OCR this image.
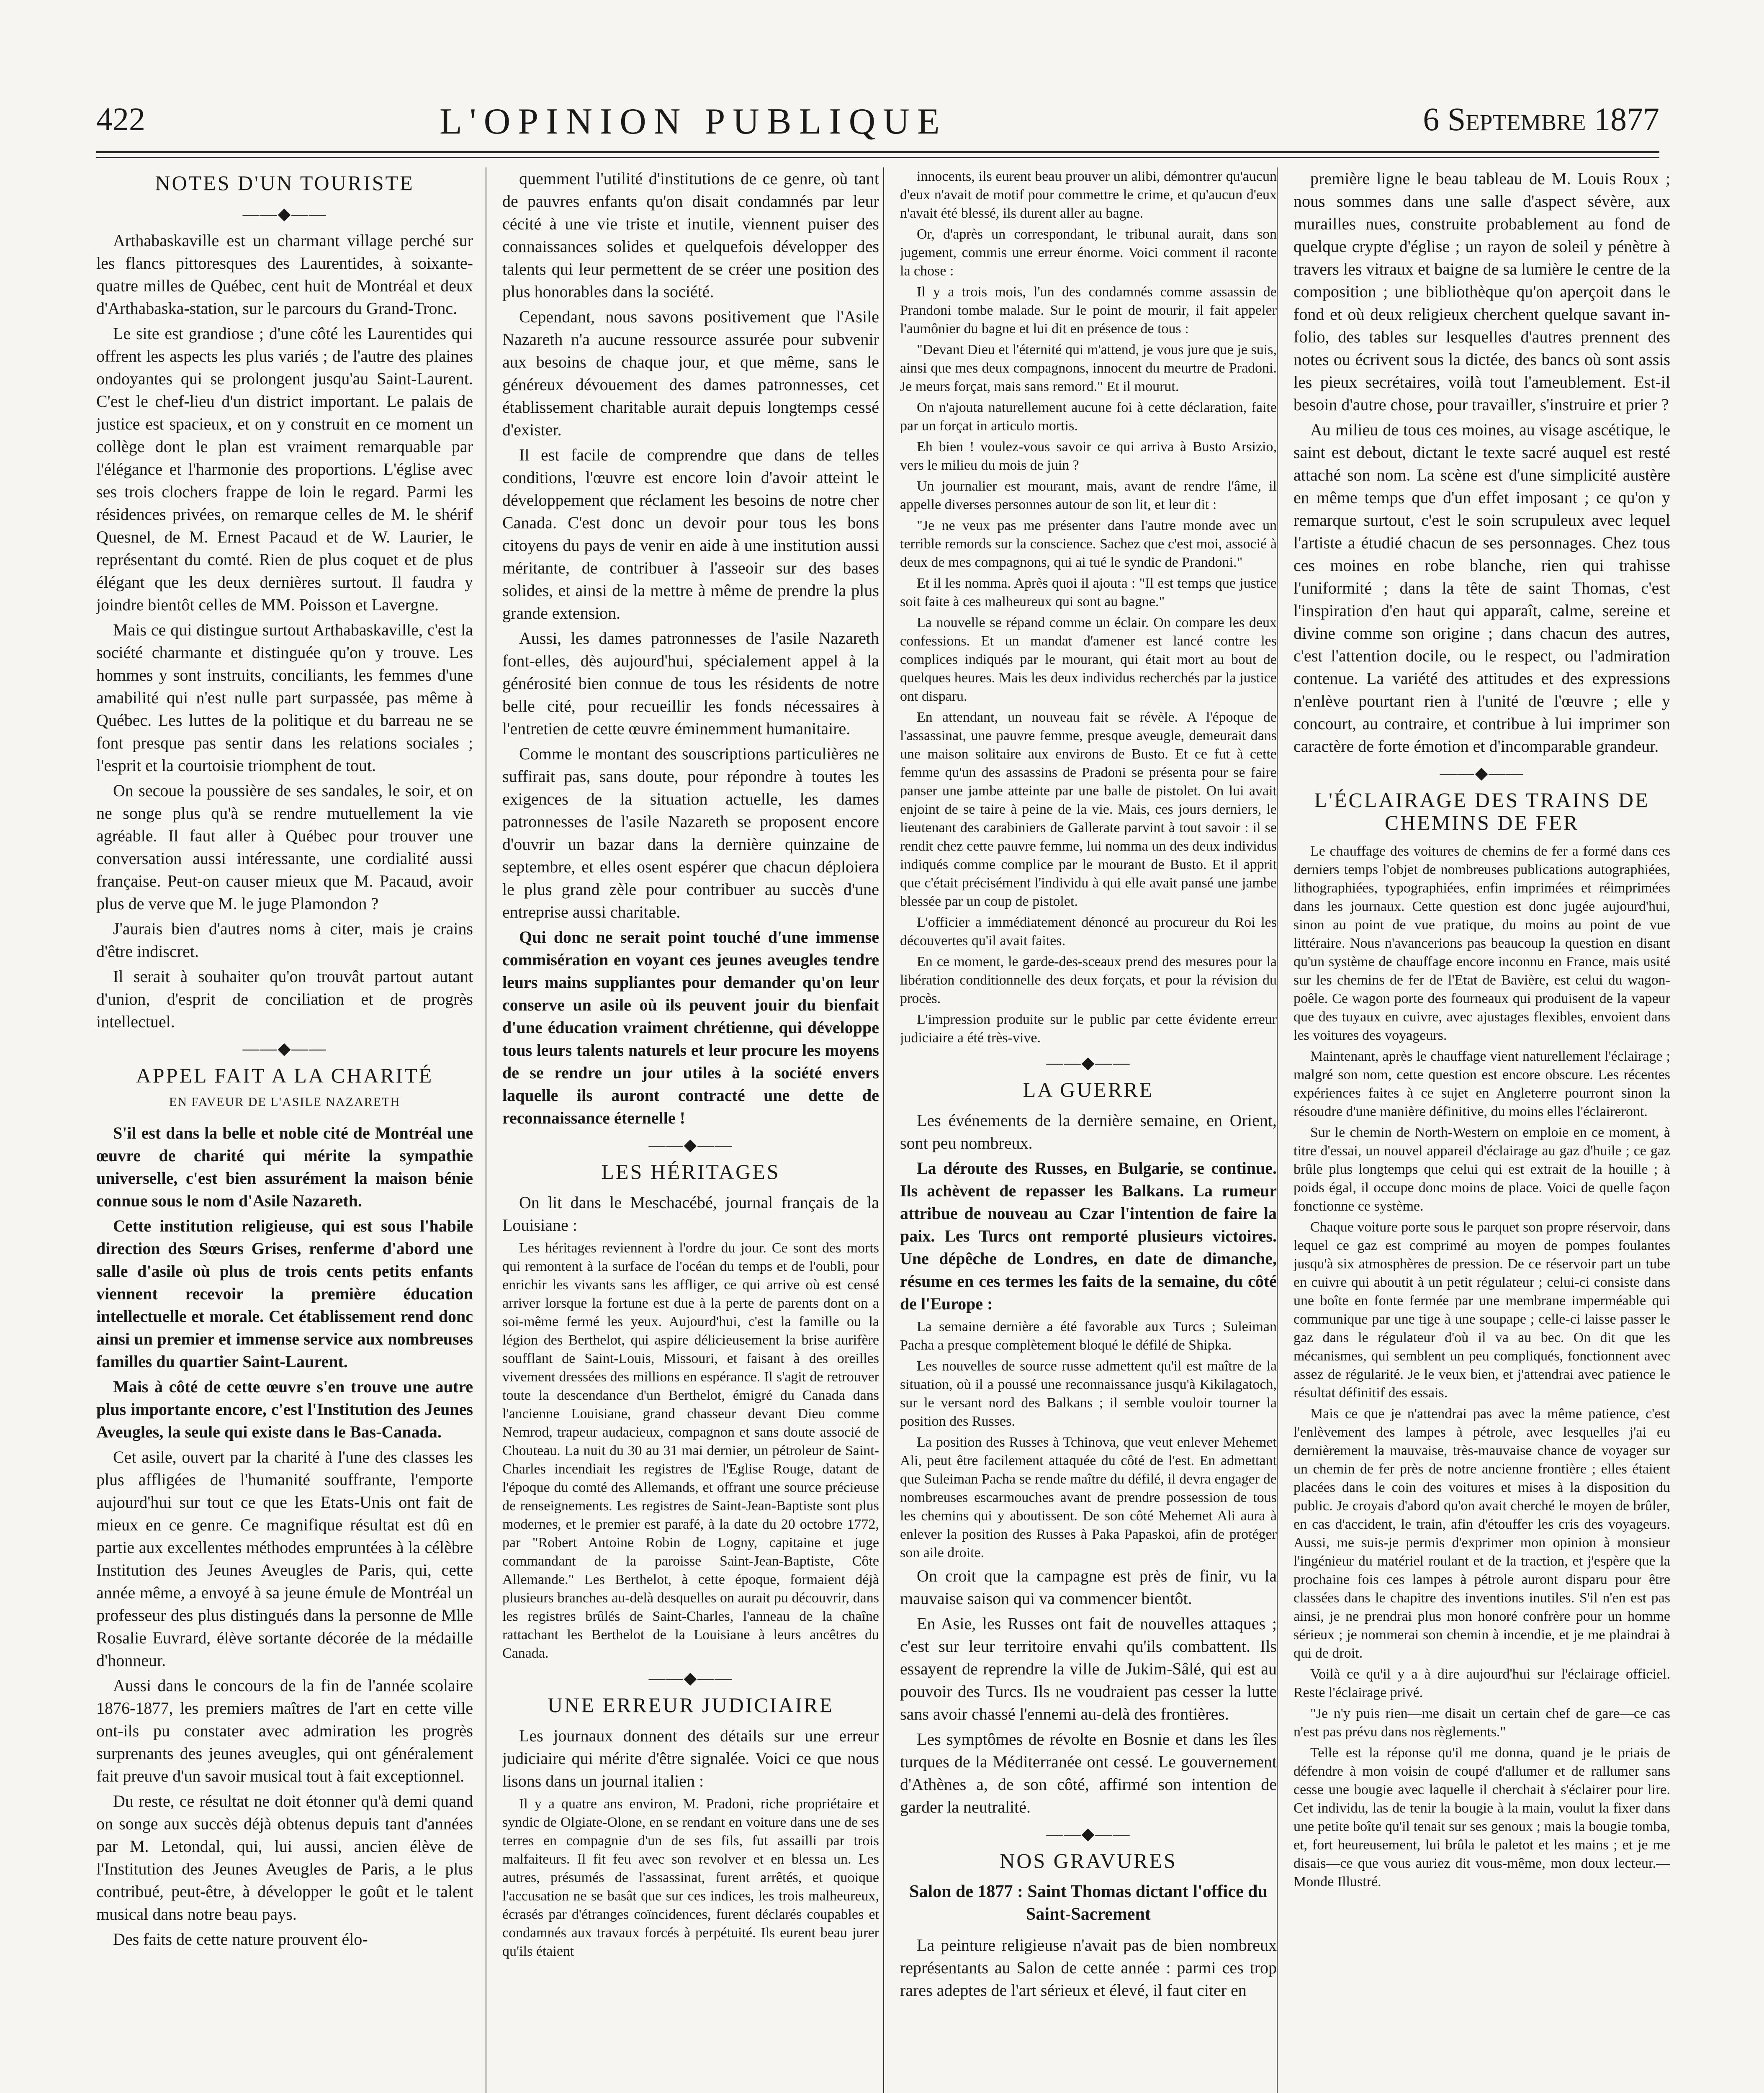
422	L'OPINION PUBLIQUE	6 Septembre 1877
NOTES D'UN TOURISTE
——◆——

Arthabaskaville est un charmant village perché sur les flancs pittoresques des Laurentides, à soixante-quatre milles de Québec, cent huit de Montréal et deux d'Arthabaska-station, sur le parcours du Grand-Tronc.

Le site est grandiose ; d'une côté les Laurentides qui offrent les aspects les plus variés ; de l'autre des plaines ondoyantes qui se prolongent jusqu'au Saint-Laurent. C'est le chef-lieu d'un district important. Le palais de justice est spacieux, et on y construit en ce moment un collège dont le plan est vraiment remarquable par l'élégance et l'harmonie des proportions. L'église avec ses trois clochers frappe de loin le regard. Parmi les résidences privées, on remarque celles de M. le shérif Quesnel, de M. Ernest Pacaud et de W. Laurier, le représentant du comté. Rien de plus coquet et de plus élégant que les deux dernières surtout. Il faudra y joindre bientôt celles de MM. Poisson et Lavergne.

Mais ce qui distingue surtout Arthabaskaville, c'est la société charmante et distinguée qu'on y trouve. Les hommes y sont instruits, conciliants, les femmes d'une amabilité qui n'est nulle part surpassée, pas même à Québec. Les luttes de la politique et du barreau ne se font presque pas sentir dans les relations sociales ; l'esprit et la courtoisie triomphent de tout.

On secoue la poussière de ses sandales, le soir, et on ne songe plus qu'à se rendre mutuellement la vie agréable. Il faut aller à Québec pour trouver une conversation aussi intéressante, une cordialité aussi française. Peut-on causer mieux que M. Pacaud, avoir plus de verve que M. le juge Plamondon ?

J'aurais bien d'autres noms à citer, mais je crains d'être indiscret.

Il serait à souhaiter qu'on trouvât partout autant d'union, d'esprit de conciliation et de progrès intellectuel.

——◆——
APPEL FAIT A LA CHARITÉ
EN FAVEUR DE L'ASILE NAZARETH

S'il est dans la belle et noble cité de Montréal une œuvre de charité qui mérite la sympathie universelle, c'est bien assurément la maison bénie connue sous le nom d'Asile Nazareth.

Cette institution religieuse, qui est sous l'habile direction des Sœurs Grises, renferme d'abord une salle d'asile où plus de trois cents petits enfants viennent recevoir la première éducation intellectuelle et morale. Cet établissement rend donc ainsi un premier et immense service aux nombreuses familles du quartier Saint-Laurent.

Mais à côté de cette œuvre s'en trouve une autre plus importante encore, c'est l'Institution des Jeunes Aveugles, la seule qui existe dans le Bas-Canada.

Cet asile, ouvert par la charité à l'une des classes les plus affligées de l'humanité souffrante, l'emporte aujourd'hui sur tout ce que les Etats-Unis ont fait de mieux en ce genre. Ce magnifique résultat est dû en partie aux excellentes méthodes empruntées à la célèbre Institution des Jeunes Aveugles de Paris, qui, cette année même, a envoyé à sa jeune émule de Montréal un professeur des plus distingués dans la personne de Mlle Rosalie Euvrard, élève sortante décorée de la médaille d'honneur.

Aussi dans le concours de la fin de l'année scolaire 1876-1877, les premiers maîtres de l'art en cette ville ont-ils pu constater avec admiration les progrès surprenants des jeunes aveugles, qui ont généralement fait preuve d'un savoir musical tout à fait exceptionnel.

Du reste, ce résultat ne doit étonner qu'à demi quand on songe aux succès déjà obtenus depuis tant d'années par M. Letondal, qui, lui aussi, ancien élève de l'Institution des Jeunes Aveugles de Paris, a le plus contribué, peut-être, à développer le goût et le talent musical dans notre beau pays.

Des faits de cette nature prouvent élo-

quemment l'utilité d'institutions de ce genre, où tant de pauvres enfants qu'on disait condamnés par leur cécité à une vie triste et inutile, viennent puiser des connaissances solides et quelquefois développer des talents qui leur permettent de se créer une position des plus honorables dans la société.

Cependant, nous savons positivement que l'Asile Nazareth n'a aucune ressource assurée pour subvenir aux besoins de chaque jour, et que même, sans le généreux dévouement des dames patronnesses, cet établissement charitable aurait depuis longtemps cessé d'exister.

Il est facile de comprendre que dans de telles conditions, l'œuvre est encore loin d'avoir atteint le développement que réclament les besoins de notre cher Canada. C'est donc un devoir pour tous les bons citoyens du pays de venir en aide à une institution aussi méritante, de contribuer à l'asseoir sur des bases solides, et ainsi de la mettre à même de prendre la plus grande extension.

Aussi, les dames patronnesses de l'asile Nazareth font-elles, dès aujourd'hui, spécialement appel à la générosité bien connue de tous les résidents de notre belle cité, pour recueillir les fonds nécessaires à l'entretien de cette œuvre éminemment humanitaire.

Comme le montant des souscriptions particulières ne suffirait pas, sans doute, pour répondre à toutes les exigences de la situation actuelle, les dames patronnesses de l'asile Nazareth se proposent encore d'ouvrir un bazar dans la dernière quinzaine de septembre, et elles osent espérer que chacun déploiera le plus grand zèle pour contribuer au succès d'une entreprise aussi charitable.

Qui donc ne serait point touché d'une immense commisération en voyant ces jeunes aveugles tendre leurs mains suppliantes pour demander qu'on leur conserve un asile où ils peuvent jouir du bienfait d'une éducation vraiment chrétienne, qui développe tous leurs talents naturels et leur procure les moyens de se rendre un jour utiles à la société envers laquelle ils auront contracté une dette de reconnaissance éternelle !

——◆——
LES HÉRITAGES

On lit dans le Meschacébé, journal français de la Louisiane :

Les héritages reviennent à l'ordre du jour. Ce sont des morts qui remontent à la surface de l'océan du temps et de l'oubli, pour enrichir les vivants sans les affliger, ce qui arrive où est censé arriver lorsque la fortune est due à la perte de parents dont on a soi-même fermé les yeux. Aujourd'hui, c'est la famille ou la légion des Berthelot, qui aspire délicieusement la brise aurifère soufflant de Saint-Louis, Missouri, et faisant à des oreilles vivement dressées des millions en espérance. Il s'agit de retrouver toute la descendance d'un Berthelot, émigré du Canada dans l'ancienne Louisiane, grand chasseur devant Dieu comme Nemrod, trapeur audacieux, compagnon et sans doute associé de Chouteau. La nuit du 30 au 31 mai dernier, un pétroleur de Saint-Charles incendiait les registres de l'Eglise Rouge, datant de l'époque du comté des Allemands, et offrant une source précieuse de renseignements. Les registres de Saint-Jean-Baptiste sont plus modernes, et le premier est parafé, à la date du 20 octobre 1772, par "Robert Antoine Robin de Logny, capitaine et juge commandant de la paroisse Saint-Jean-Baptiste, Côte Allemande." Les Berthelot, à cette époque, formaient déjà plusieurs branches au-delà desquelles on aurait pu découvrir, dans les registres brûlés de Saint-Charles, l'anneau de la chaîne rattachant les Berthelot de la Louisiane à leurs ancêtres du Canada.

——◆——
UNE ERREUR JUDICIAIRE

Les journaux donnent des détails sur une erreur judiciaire qui mérite d'être signalée. Voici ce que nous lisons dans un journal italien :

Il y a quatre ans environ, M. Pradoni, riche propriétaire et syndic de Olgiate-Olone, en se rendant en voiture dans une de ses terres en compagnie d'un de ses fils, fut assailli par trois malfaiteurs. Il fit feu avec son revolver et en blessa un. Les autres, présumés de l'assassinat, furent arrêtés, et quoique l'accusation ne se basât que sur ces indices, les trois malheureux, écrasés par d'étranges coïncidences, furent déclarés coupables et condamnés aux travaux forcés à perpétuité. Ils eurent beau jurer qu'ils étaient

innocents, ils eurent beau prouver un alibi, démontrer qu'aucun d'eux n'avait de motif pour commettre le crime, et qu'aucun d'eux n'avait été blessé, ils durent aller au bagne.

Or, d'après un correspondant, le tribunal aurait, dans son jugement, commis une erreur énorme. Voici comment il raconte la chose :

Il y a trois mois, l'un des condamnés comme assassin de Prandoni tombe malade. Sur le point de mourir, il fait appeler l'aumônier du bagne et lui dit en présence de tous :

"Devant Dieu et l'éternité qui m'attend, je vous jure que je suis, ainsi que mes deux compagnons, innocent du meurtre de Pradoni. Je meurs forçat, mais sans remord." Et il mourut.

On n'ajouta naturellement aucune foi à cette déclaration, faite par un forçat in articulo mortis.

Eh bien ! voulez-vous savoir ce qui arriva à Busto Arsizio, vers le milieu du mois de juin ?

Un journalier est mourant, mais, avant de rendre l'âme, il appelle diverses personnes autour de son lit, et leur dit :

"Je ne veux pas me présenter dans l'autre monde avec un terrible remords sur la conscience. Sachez que c'est moi, associé à deux de mes compagnons, qui ai tué le syndic de Prandoni."

Et il les nomma. Après quoi il ajouta : "Il est temps que justice soit faite à ces malheureux qui sont au bagne."

La nouvelle se répand comme un éclair. On compare les deux confessions. Et un mandat d'amener est lancé contre les complices indiqués par le mourant, qui était mort au bout de quelques heures. Mais les deux individus recherchés par la justice ont disparu.

En attendant, un nouveau fait se révèle. A l'époque de l'assassinat, une pauvre femme, presque aveugle, demeurait dans une maison solitaire aux environs de Busto. Et ce fut à cette femme qu'un des assassins de Pradoni se présenta pour se faire panser une jambe atteinte par une balle de pistolet. On lui avait enjoint de se taire à peine de la vie. Mais, ces jours derniers, le lieutenant des carabiniers de Gallerate parvint à tout savoir : il se rendit chez cette pauvre femme, lui nomma un des deux individus indiqués comme complice par le mourant de Busto. Et il apprit que c'était précisément l'individu à qui elle avait pansé une jambe blessée par un coup de pistolet.

L'officier a immédiatement dénoncé au procureur du Roi les découvertes qu'il avait faites.

En ce moment, le garde-des-sceaux prend des mesures pour la libération conditionnelle des deux forçats, et pour la révision du procès.

L'impression produite sur le public par cette évidente erreur judiciaire a été très-vive.

——◆——
LA GUERRE

Les événements de la dernière semaine, en Orient, sont peu nombreux.

La déroute des Russes, en Bulgarie, se continue. Ils achèvent de repasser les Balkans. La rumeur attribue de nouveau au Czar l'intention de faire la paix. Les Turcs ont remporté plusieurs victoires. Une dépêche de Londres, en date de dimanche, résume en ces termes les faits de la semaine, du côté de l'Europe :

La semaine dernière a été favorable aux Turcs ; Suleiman Pacha a presque complètement bloqué le défilé de Shipka.

Les nouvelles de source russe admettent qu'il est maître de la situation, où il a poussé une reconnaissance jusqu'à Kikilagatoch, sur le versant nord des Balkans ; il semble vouloir tourner la position des Russes.

La position des Russes à Tchinova, que veut enlever Mehemet Ali, peut être facilement attaquée du côté de l'est. En admettant que Suleiman Pacha se rende maître du défilé, il devra engager de nombreuses escarmouches avant de prendre possession de tous les chemins qui y aboutissent. De son côté Mehemet Ali aura à enlever la position des Russes à Paka Papaskoi, afin de protéger son aile droite.

On croit que la campagne est près de finir, vu la mauvaise saison qui va commencer bientôt.

En Asie, les Russes ont fait de nouvelles attaques ; c'est sur leur territoire envahi qu'ils combattent. Ils essayent de reprendre la ville de Jukim-Sâlé, qui est au pouvoir des Turcs. Ils ne voudraient pas cesser la lutte sans avoir chassé l'ennemi au-delà des frontières.

Les symptômes de révolte en Bosnie et dans les îles turques de la Méditerranée ont cessé. Le gouvernement d'Athènes a, de son côté, affirmé son intention de garder la neutralité.

——◆——
NOS GRAVURES
Salon de 1877 : Saint Thomas dictant l'office du Saint-Sacrement

La peinture religieuse n'avait pas de bien nombreux représentants au Salon de cette année : parmi ces trop rares adeptes de l'art sérieux et élevé, il faut citer en

première ligne le beau tableau de M. Louis Roux ; nous sommes dans une salle d'aspect sévère, aux murailles nues, construite probablement au fond de quelque crypte d'église ; un rayon de soleil y pénètre à travers les vitraux et baigne de sa lumière le centre de la composition ; une bibliothèque qu'on aperçoit dans le fond et où deux religieux cherchent quelque savant in-folio, des tables sur lesquelles d'autres prennent des notes ou écrivent sous la dictée, des bancs où sont assis les pieux secrétaires, voilà tout l'ameublement. Est-il besoin d'autre chose, pour travailler, s'instruire et prier ?

Au milieu de tous ces moines, au visage ascétique, le saint est debout, dictant le texte sacré auquel est resté attaché son nom. La scène est d'une simplicité austère en même temps que d'un effet imposant ; ce qu'on y remarque surtout, c'est le soin scrupuleux avec lequel l'artiste a étudié chacun de ses personnages. Chez tous ces moines en robe blanche, rien qui trahisse l'uniformité ; dans la tête de saint Thomas, c'est l'inspiration d'en haut qui apparaît, calme, sereine et divine comme son origine ; dans chacun des autres, c'est l'attention docile, ou le respect, ou l'admiration contenue. La variété des attitudes et des expressions n'enlève pourtant rien à l'unité de l'œuvre ; elle y concourt, au contraire, et contribue à lui imprimer son caractère de forte émotion et d'incomparable grandeur.

——◆——
L'ÉCLAIRAGE DES TRAINS DE CHEMINS DE FER

Le chauffage des voitures de chemins de fer a formé dans ces derniers temps l'objet de nombreuses publications autographiées, lithographiées, typographiées, enfin imprimées et réimprimées dans les journaux. Cette question est donc jugée aujourd'hui, sinon au point de vue pratique, du moins au point de vue littéraire. Nous n'avancerions pas beaucoup la question en disant qu'un système de chauffage encore inconnu en France, mais usité sur les chemins de fer de l'Etat de Bavière, est celui du wagon-poêle. Ce wagon porte des fourneaux qui produisent de la vapeur que des tuyaux en cuivre, avec ajustages flexibles, envoient dans les voitures des voyageurs.

Maintenant, après le chauffage vient naturellement l'éclairage ; malgré son nom, cette question est encore obscure. Les récentes expériences faites à ce sujet en Angleterre pourront sinon la résoudre d'une manière définitive, du moins elles l'éclaireront.

Sur le chemin de North-Western on emploie en ce moment, à titre d'essai, un nouvel appareil d'éclairage au gaz d'huile ; ce gaz brûle plus longtemps que celui qui est extrait de la houille ; à poids égal, il occupe donc moins de place. Voici de quelle façon fonctionne ce système.

Chaque voiture porte sous le parquet son propre réservoir, dans lequel ce gaz est comprimé au moyen de pompes foulantes jusqu'à six atmosphères de pression. De ce réservoir part un tube en cuivre qui aboutit à un petit régulateur ; celui-ci consiste dans une boîte en fonte fermée par une membrane imperméable qui communique par une tige à une soupape ; celle-ci laisse passer le gaz dans le régulateur d'où il va au bec. On dit que les mécanismes, qui semblent un peu compliqués, fonctionnent avec assez de régularité. Je le veux bien, et j'attendrai avec patience le résultat définitif des essais.

Mais ce que je n'attendrai pas avec la même patience, c'est l'enlèvement des lampes à pétrole, avec lesquelles j'ai eu dernièrement la mauvaise, très-mauvaise chance de voyager sur un chemin de fer près de notre ancienne frontière ; elles étaient placées dans le coin des voitures et mises à la disposition du public. Je croyais d'abord qu'on avait cherché le moyen de brûler, en cas d'accident, le train, afin d'étouffer les cris des voyageurs. Aussi, me suis-je permis d'exprimer mon opinion à monsieur l'ingénieur du matériel roulant et de la traction, et j'espère que la prochaine fois ces lampes à pétrole auront disparu pour être classées dans le chapitre des inventions inutiles. S'il n'en est pas ainsi, je ne prendrai plus mon honoré confrère pour un homme sérieux ; je nommerai son chemin à incendie, et je me plaindrai à qui de droit.

Voilà ce qu'il y a à dire aujourd'hui sur l'éclairage officiel. Reste l'éclairage privé.

"Je n'y puis rien—me disait un certain chef de gare—ce cas n'est pas prévu dans nos règlements."

Telle est la réponse qu'il me donna, quand je le priais de défendre à mon voisin de coupé d'allumer et de rallumer sans cesse une bougie avec laquelle il cherchait à s'éclairer pour lire. Cet individu, las de tenir la bougie à la main, voulut la fixer dans une petite boîte qu'il tenait sur ses genoux ; mais la bougie tomba, et, fort heureusement, lui brûla le paletot et les mains ; et je me disais—ce que vous auriez dit vous-même, mon doux lecteur.—Monde Illustré.
